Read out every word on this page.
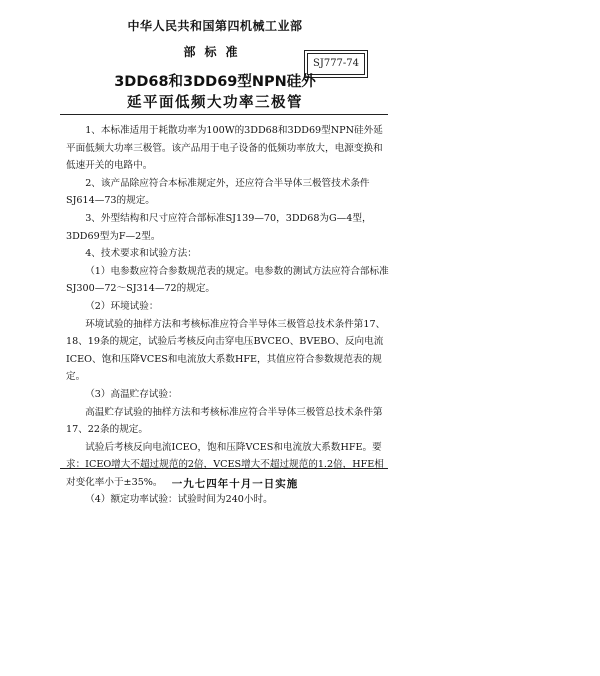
中华人民共和国第四机械工业部
部标准
SJ777-74
3DD68和3DD69型NPN硅外
延平面低频大功率三极管

1、本标准适用于耗散功率为100W的3DD68和3DD69型NPN硅外延平面低频大功率三极管。该产品用于电子设备的低频功率放大，电源变换和低速开关的电路中。

2、该产品除应符合本标准规定外，还应符合半导体三极管技术条件SJ614—73的规定。

3、外型结构和尺寸应符合部标准SJ139—70，3DD68为G—4型，3DD69型为F—2型。

4、技术要求和试验方法：

（1）电参数应符合参数规范表的规定。电参数的测试方法应符合部标准SJ300—72～SJ314—72的规定。

（2）环境试验：

环境试验的抽样方法和考核标准应符合半导体三极管总技术条件第17、18、19条的规定，试验后考核反向击穿电压BVCEO、BVEBO、反向电流ICEO、饱和压降VCES和电流放大系数HFE，其值应符合参数规范表的规定。

（3）高温贮存试验：

高温贮存试验的抽样方法和考核标准应符合半导体三极管总技术条件第17、22条的规定。

试验后考核反向电流ICEO，饱和压降VCES和电流放大系数HFE。要求：ICEO增大不超过规范的2倍，VCES增大不超过规范的1.2倍，HFE相对变化率小于±35%。

（4）额定功率试验：试验时间为240小时。

一九七四年十月一日实施
